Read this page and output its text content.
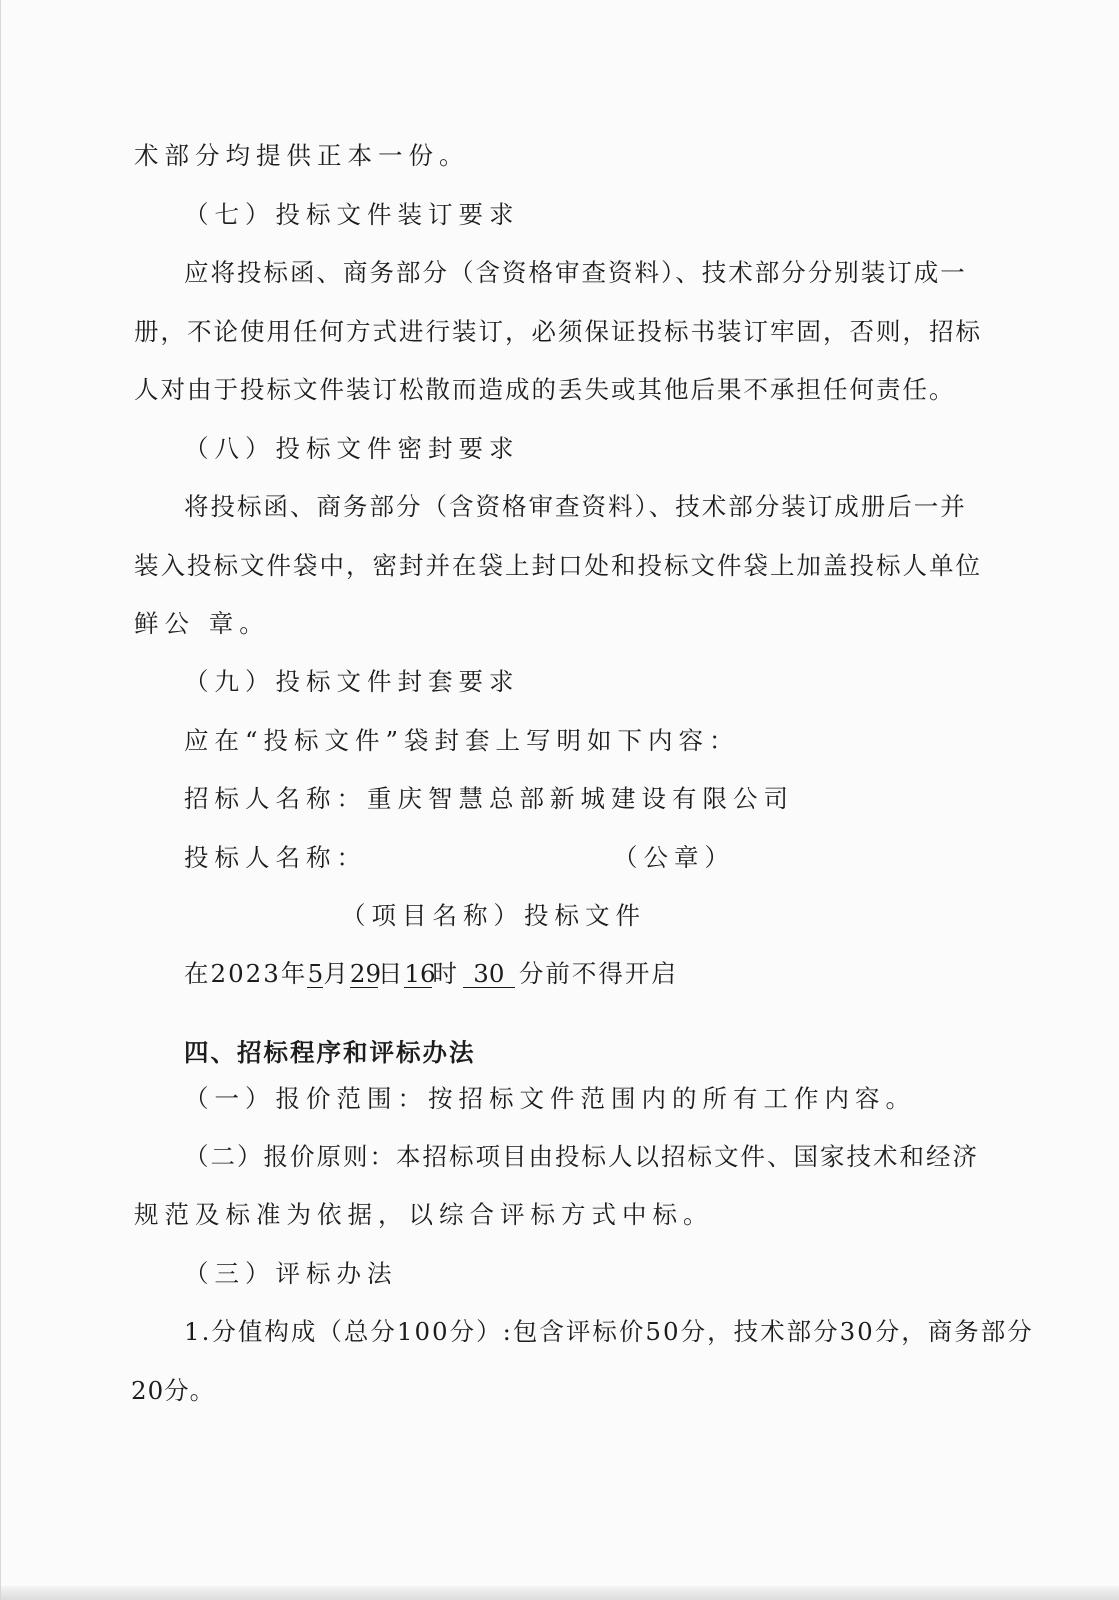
术部分均提供正本一份。
（七）投标文件装订要求
应将投标函、商务部分（含资格审查资料）、技术部分分别装订成一
册，不论使用任何方式进行装订，必须保证投标书装订牢固，否则，招标
人对由于投标文件装订松散而造成的丢失或其他后果不承担任何责任。
（八）投标文件密封要求
将投标函、商务部分（含资格审查资料）、技术部分装订成册后一并
装入投标文件袋中，密封并在袋上封口处和投标文件袋上加盖投标人单位
鲜公 章。
（九）投标文件封套要求
应在“投标文件”袋封套上写明如下内容：
招标人名称：重庆智慧总部新城建设有限公司
投标人名称：	（公章）
（项目名称）投标文件
在2023年5月29日16时 30 分前不得开启
四、招标程序和评标办法
（一）报价范围：按招标文件范围内的所有工作内容。
（二）报价原则：本招标项目由投标人以招标文件、国家技术和经济
规范及标准为依据，以综合评标方式中标。
（三）评标办法
1.分值构成（总分100分）:包含评标价50分，技术部分30分，商务部分
20分。
